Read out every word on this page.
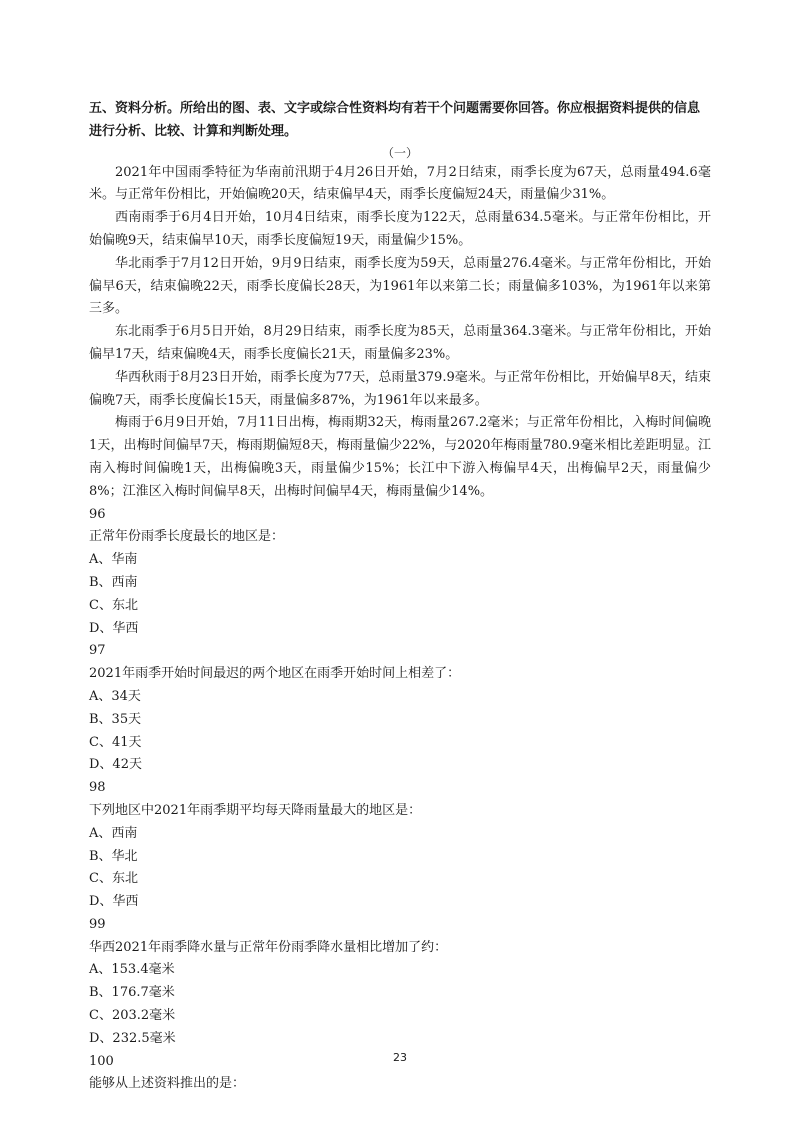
五、资料分析。所给出的图、表、文字或综合性资料均有若干个问题需要你回答。你应根据资料提供的信息进行分析、比较、计算和判断处理。

（一）

2021年中国雨季特征为华南前汛期于4月26日开始，7月2日结束，雨季长度为67天，总雨量494.6毫米。与正常年份相比，开始偏晚20天，结束偏早4天，雨季长度偏短24天，雨量偏少31%。

西南雨季于6月4日开始，10月4日结束，雨季长度为122天，总雨量634.5毫米。与正常年份相比，开始偏晚9天，结束偏早10天，雨季长度偏短19天，雨量偏少15%。

华北雨季于7月12日开始，9月9日结束，雨季长度为59天，总雨量276.4毫米。与正常年份相比，开始偏早6天，结束偏晚22天，雨季长度偏长28天，为1961年以来第二长；雨量偏多103%，为1961年以来第三多。

东北雨季于6月5日开始，8月29日结束，雨季长度为85天，总雨量364.3毫米。与正常年份相比，开始偏早17天，结束偏晚4天，雨季长度偏长21天，雨量偏多23%。

华西秋雨于8月23日开始，雨季长度为77天，总雨量379.9毫米。与正常年份相比，开始偏早8天，结束偏晚7天，雨季长度偏长15天，雨量偏多87%，为1961年以来最多。

梅雨于6月9日开始，7月11日出梅，梅雨期32天，梅雨量267.2毫米；与正常年份相比，入梅时间偏晚1天，出梅时间偏早7天，梅雨期偏短8天，梅雨量偏少22%，与2020年梅雨量780.9毫米相比差距明显。江南入梅时间偏晚1天，出梅偏晚3天，雨量偏少15%；长江中下游入梅偏早4天，出梅偏早2天，雨量偏少8%；江淮区入梅时间偏早8天，出梅时间偏早4天，梅雨量偏少14%。

96

正常年份雨季长度最长的地区是：

A、华南

B、西南

C、东北

D、华西

97

2021年雨季开始时间最迟的两个地区在雨季开始时间上相差了：

A、34天

B、35天

C、41天

D、42天

98

下列地区中2021年雨季期平均每天降雨量最大的地区是：

A、西南

B、华北

C、东北

D、华西

99

华西2021年雨季降水量与正常年份雨季降水量相比增加了约：

A、153.4毫米

B、176.7毫米

C、203.2毫米

D、232.5毫米

100

能够从上述资料推出的是：

23
